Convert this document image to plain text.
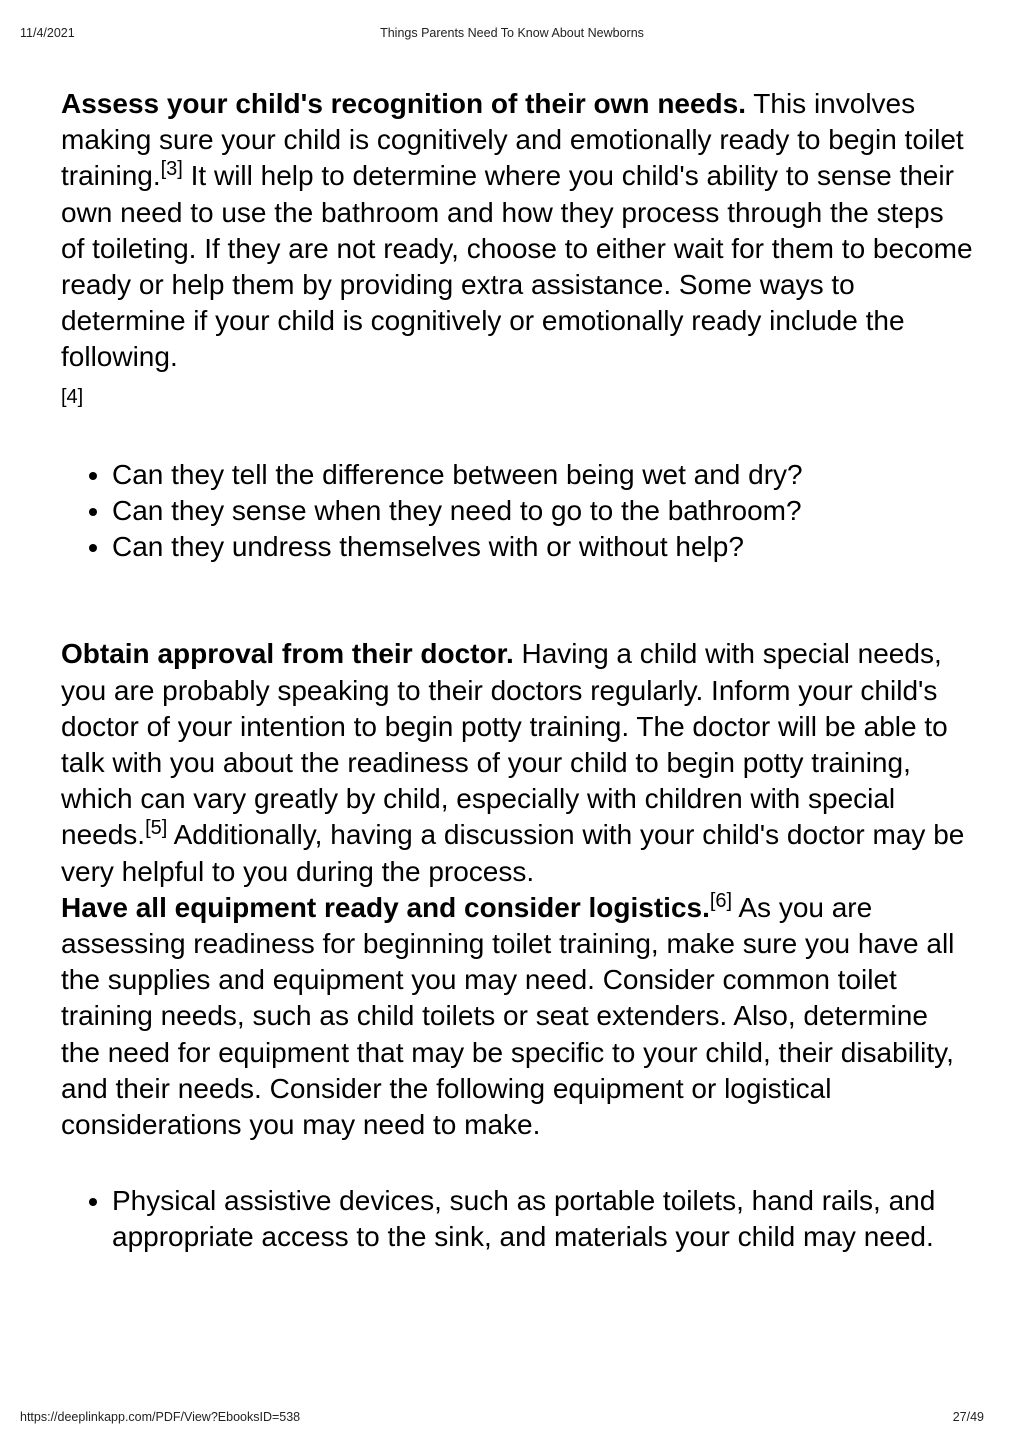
11/4/2021	Things Parents Need To Know About Newborns

Assess your child's recognition of their own needs. This involves making sure your child is cognitively and emotionally ready to begin toilet training.[3] It will help to determine where you child's ability to sense their own need to use the bathroom and how they process through the steps of toileting. If they are not ready, choose to either wait for them to become ready or help them by providing extra assistance. Some ways to determine if your child is cognitively or emotionally ready include the following.
[4]

• Can they tell the difference between being wet and dry?
• Can they sense when they need to go to the bathroom?
• Can they undress themselves with or without help?

Obtain approval from their doctor. Having a child with special needs, you are probably speaking to their doctors regularly. Inform your child's doctor of your intention to begin potty training. The doctor will be able to talk with you about the readiness of your child to begin potty training, which can vary greatly by child, especially with children with special needs.[5] Additionally, having a discussion with your child's doctor may be very helpful to you during the process.

Have all equipment ready and consider logistics.[6] As you are assessing readiness for beginning toilet training, make sure you have all the supplies and equipment you may need. Consider common toilet training needs, such as child toilets or seat extenders. Also, determine the need for equipment that may be specific to your child, their disability, and their needs. Consider the following equipment or logistical considerations you may need to make.

• Physical assistive devices, such as portable toilets, hand rails, and appropriate access to the sink, and materials your child may need.
https://deeplinkapp.com/PDF/View?EbooksID=538	27/49
